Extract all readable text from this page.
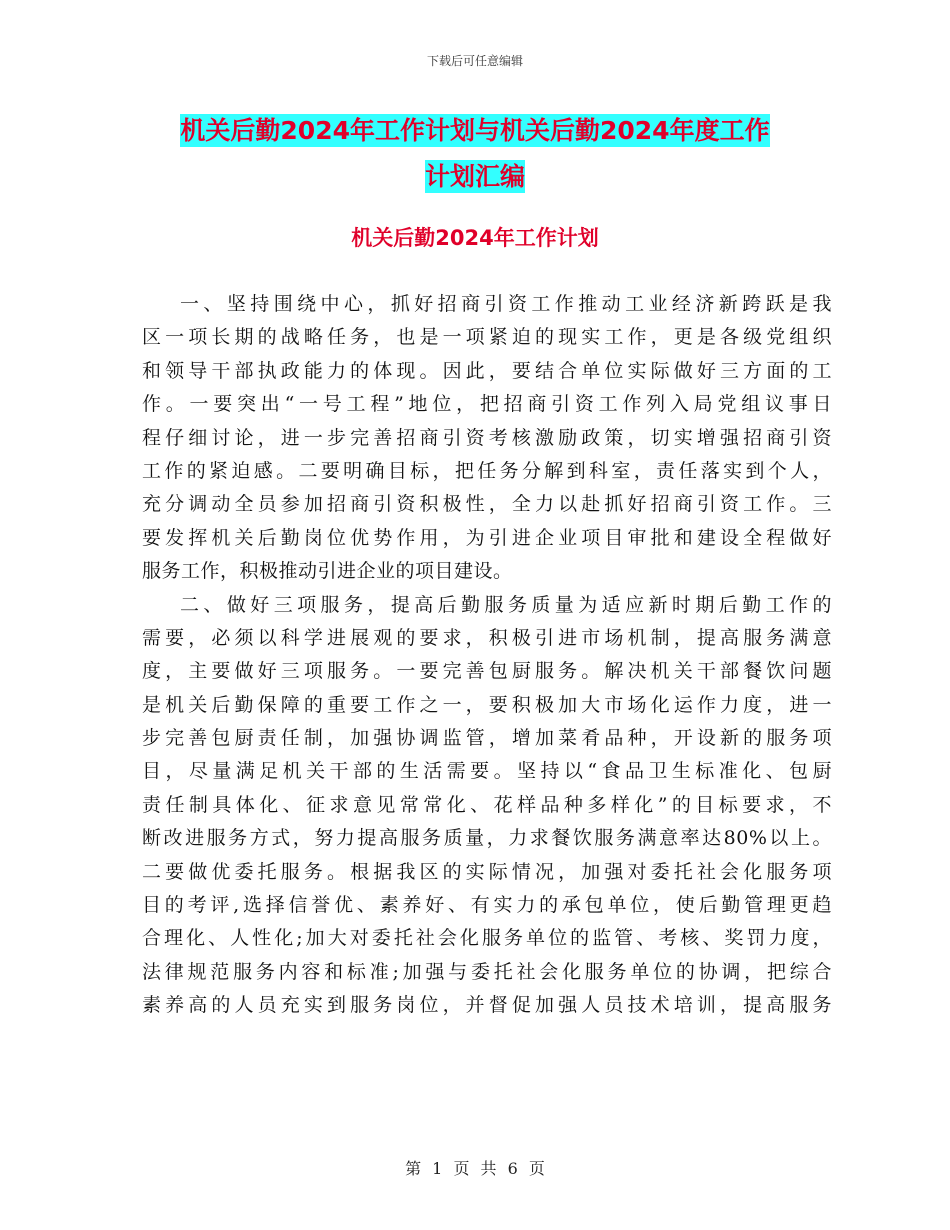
下载后可任意编辑
机关后勤2024年工作计划与机关后勤2024年度工作
计划汇编
机关后勤2024年工作计划
一、坚持围绕中心，抓好招商引资工作推动工业经济新跨跃是我
区一项长期的战略任务，也是一项紧迫的现实工作，更是各级党组织
和领导干部执政能力的体现。因此，要结合单位实际做好三方面的工
作。一要突出“一号工程”地位，把招商引资工作列入局党组议事日
程仔细讨论，进一步完善招商引资考核激励政策，切实增强招商引资
工作的紧迫感。二要明确目标，把任务分解到科室，责任落实到个人，
充分调动全员参加招商引资积极性，全力以赴抓好招商引资工作。三
要发挥机关后勤岗位优势作用，为引进企业项目审批和建设全程做好
服务工作，积极推动引进企业的项目建设。
二、做好三项服务，提高后勤服务质量为适应新时期后勤工作的
需要，必须以科学进展观的要求，积极引进市场机制，提高服务满意
度，主要做好三项服务。一要完善包厨服务。解决机关干部餐饮问题
是机关后勤保障的重要工作之一，要积极加大市场化运作力度，进一
步完善包厨责任制，加强协调监管，增加菜肴品种，开设新的服务项
目，尽量满足机关干部的生活需要。坚持以“食品卫生标准化、包厨
责任制具体化、征求意见常常化、花样品种多样化”的目标要求，不
断改进服务方式，努力提高服务质量，力求餐饮服务满意率达80%以上。
二要做优委托服务。根据我区的实际情况，加强对委托社会化服务项
目的考评,选择信誉优、素养好、有实力的承包单位，使后勤管理更趋
合理化、人性化;加大对委托社会化服务单位的监管、考核、奖罚力度，
法律规范服务内容和标准;加强与委托社会化服务单位的协调，把综合
素养高的人员充实到服务岗位，并督促加强人员技术培训，提高服务
第 1 页 共 6 页
